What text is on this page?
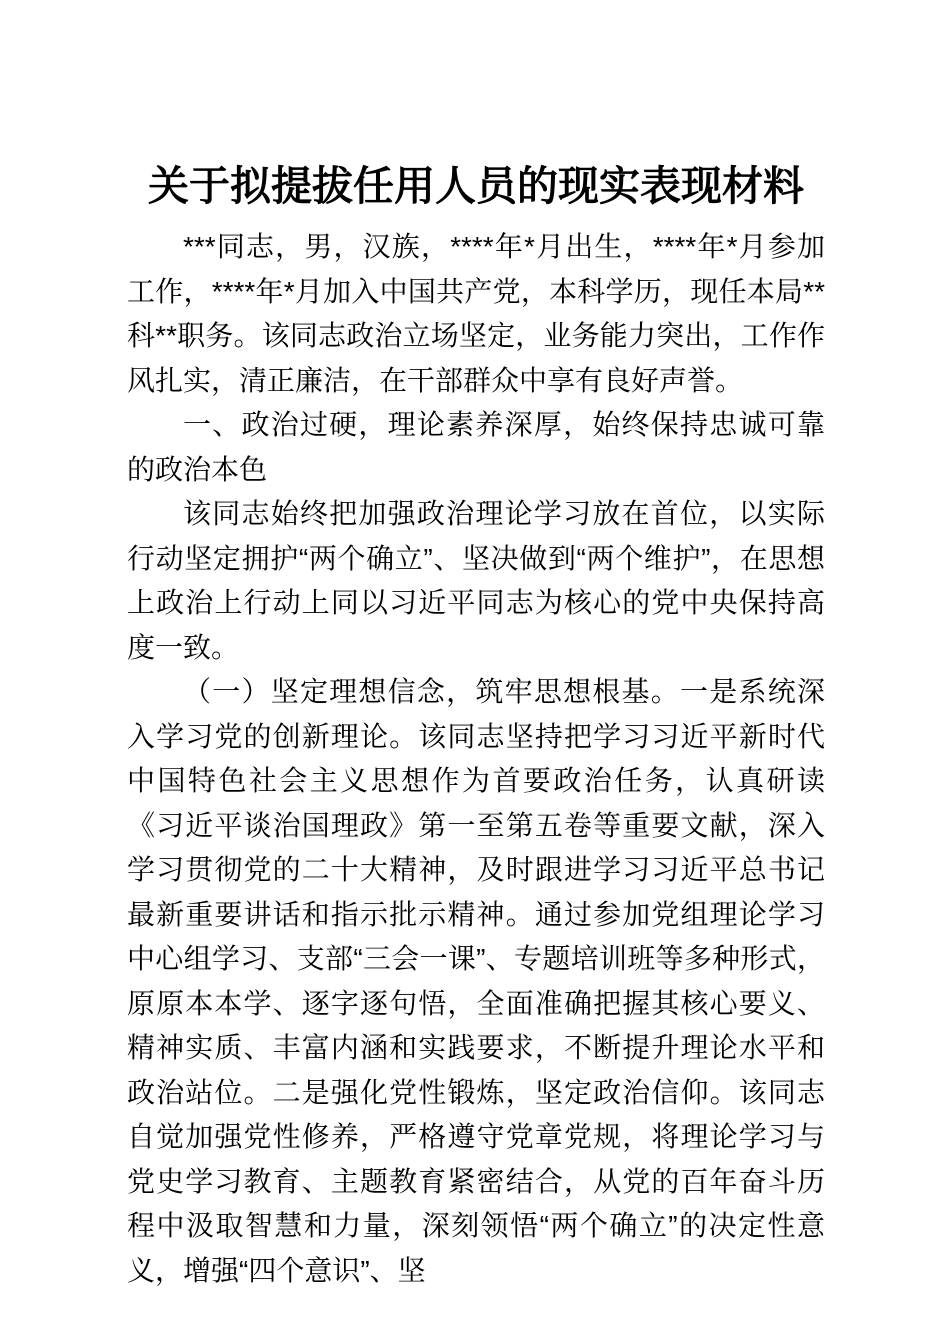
关于拟提拔任用人员的现实表现材料

***同志，男，汉族，****年*月出生，****年*月参加工作，****年*月加入中国共产党，本科学历，现任本局**科**职务。该同志政治立场坚定，业务能力突出，工作作风扎实，清正廉洁，在干部群众中享有良好声誉。

一、政治过硬，理论素养深厚，始终保持忠诚可靠的政治本色

该同志始终把加强政治理论学习放在首位，以实际行动坚定拥护“两个确立”、坚决做到“两个维护”，在思想上政治上行动上同以习近平同志为核心的党中央保持高度一致。

（一）坚定理想信念，筑牢思想根基。一是系统深入学习党的创新理论。该同志坚持把学习习近平新时代中国特色社会主义思想作为首要政治任务，认真研读《习近平谈治国理政》第一至第五卷等重要文献，深入学习贯彻党的二十大精神，及时跟进学习习近平总书记最新重要讲话和指示批示精神。通过参加党组理论学习中心组学习、支部“三会一课”、专题培训班等多种形式，原原本本学、逐字逐句悟，全面准确把握其核心要义、精神实质、丰富内涵和实践要求，不断提升理论水平和政治站位。二是强化党性锻炼，坚定政治信仰。该同志自觉加强党性修养，严格遵守党章党规，将理论学习与党史学习教育、主题教育紧密结合，从党的百年奋斗历程中汲取智慧和力量，深刻领悟“两个确立”的决定性意义，增强“四个意识”、坚
